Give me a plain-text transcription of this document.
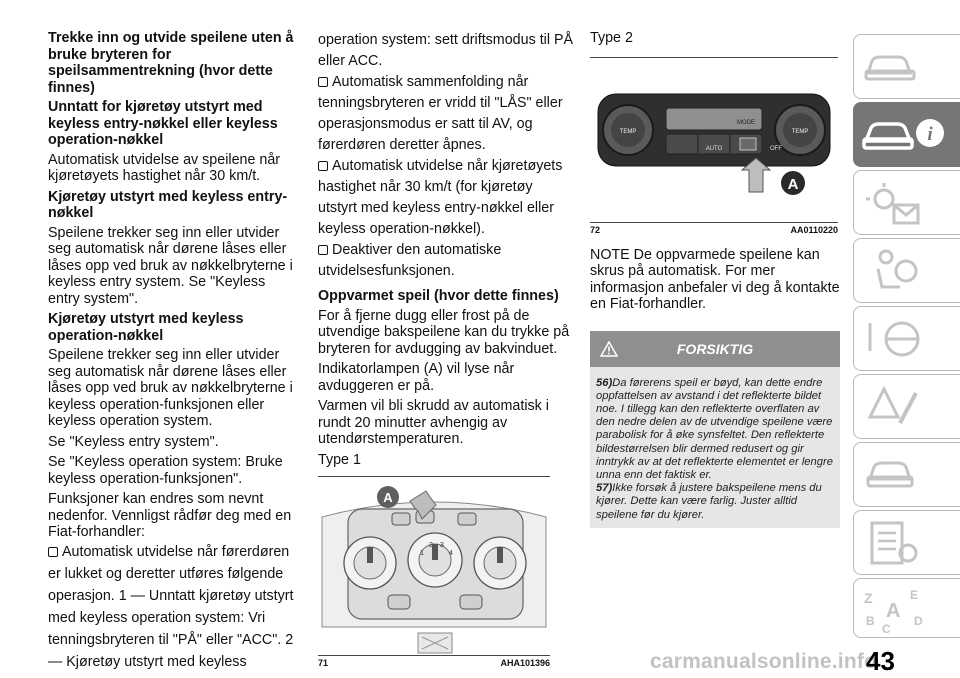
Trekke inn og utvide speilene uten å bruke bryteren for speilsammentrekning (hvor dette finnes)
Unntatt for kjøretøy utstyrt med keyless entry-nøkkel eller keyless operation-nøkkel

Automatisk utvidelse av speilene når kjøretøyets hastighet når 30 km/t.

Kjøretøy utstyrt med keyless entry-nøkkel

Speilene trekker seg inn eller utvider seg automatisk når dørene låses eller låses opp ved bruk av nøkkelbryterne i keyless entry system. Se "Keyless entry system".

Kjøretøy utstyrt med keyless operation-nøkkel

Speilene trekker seg inn eller utvider seg automatisk når dørene låses eller låses opp ved bruk av nøkkelbryterne i keyless operation-funksjonen eller keyless operation system.

Se "Keyless entry system".

Se "Keyless operation system: Bruke keyless operation-funksjonen".

Funksjoner kan endres som nevnt nedenfor. Vennligst rådfør deg med en Fiat-forhandler:

Automatisk utvidelse når førerdøren er lukket og deretter utføres følgende operasjon. 1 — Unntatt kjøretøy utstyrt med keyless operation system: Vri tenningsbryteren til "PÅ" eller "ACC". 2 — Kjøretøy utstyrt med keyless

operation system: sett driftsmodus til PÅ eller ACC.

Automatisk sammenfolding når tenningsbryteren er vridd til "LÅS" eller operasjonsmodus er satt til AV, og førerdøren deretter åpnes.

Automatisk utvidelse når kjøretøyets hastighet når 30 km/t (for kjøretøy utstyrt med keyless entry-nøkkel eller keyless operation-nøkkel).

Deaktiver den automatiske utvidelsesfunksjonen.

Oppvarmet speil (hvor dette finnes)

For å fjerne dugg eller frost på de utvendige bakspeilene kan du trykke på bryteren for avdugging av bakvinduet.

Indikatorlampen (A) vil lyse når avduggeren er på.

Varmen vil bli skrudd av automatisk i rundt 20 minutter avhengig av utendørstemperaturen.

Type 1

A
1
2 3
4
71	AHA101396

Type 2

TEMP	TEMP
AUTO
MODE
OFF
A
72	AA0110220

NOTE De oppvarmede speilene kan skrus på automatisk. For mer informasjon anbefaler vi deg å kontakte en Fiat-forhandler.

FORSIKTIG
56)Da førerens speil er bøyd, kan dette endre oppfattelsen av avstand i det reflekterte bildet noe. I tillegg kan den reflekterte overflaten av den nedre delen av de utvendige speilene være parabolisk for å øke synsfeltet. Den reflekterte bildestørrelsen blir dermed redusert og gir inntrykk av at det reflekterte elementet er lengre unna enn det faktisk er.
57)Ikke forsøk å justere bakspeilene mens du kjører. Dette kan være farlig. Juster alltid speilene før du kjører.
i
Z	E
A
B
C
D
carmanualsonline.info
43
